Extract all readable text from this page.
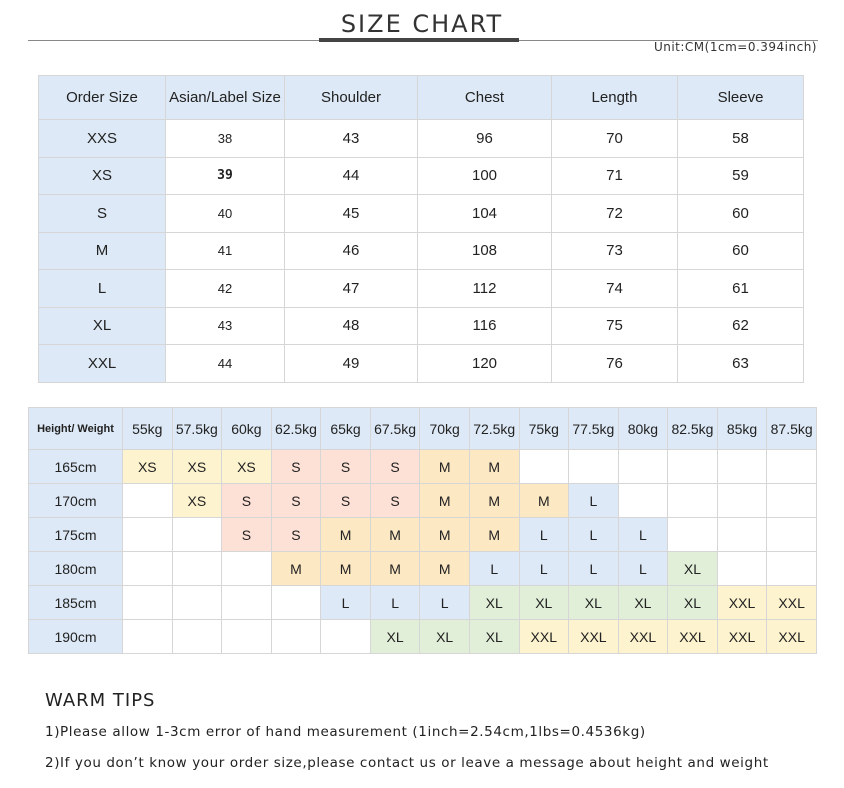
SIZE CHART
Unit:CM(1cm=0.394inch)
Order Size	Asian/Label Size	Shoulder	Chest	Length	Sleeve
XXS	38	43	96	70	58
XS	39	44	100	71	59
S	40	45	104	72	60
M	41	46	108	73	60
L	42	47	112	74	61
XL	43	48	116	75	62
XXL	44	49	120	76	63
Height/ Weight	55kg	57.5kg	60kg	62.5kg	65kg	67.5kg	70kg	72.5kg	75kg	77.5kg	80kg	82.5kg	85kg	87.5kg
165cm	XS	XS	XS	S	S	S	M	M						
170cm		XS	S	S	S	S	M	M	M	L				
175cm			S	S	M	M	M	M	L	L	L			
180cm				M	M	M	M	L	L	L	L	XL		
185cm					L	L	L	XL	XL	XL	XL	XL	XXL	XXL
190cm						XL	XL	XL	XXL	XXL	XXL	XXL	XXL	XXL
WARM TIPS
1)Please allow 1-3cm error of hand measurement (1inch=2.54cm,1lbs=0.4536kg)
2)If you don’t know your order size,please contact us or leave a message about height and weight
